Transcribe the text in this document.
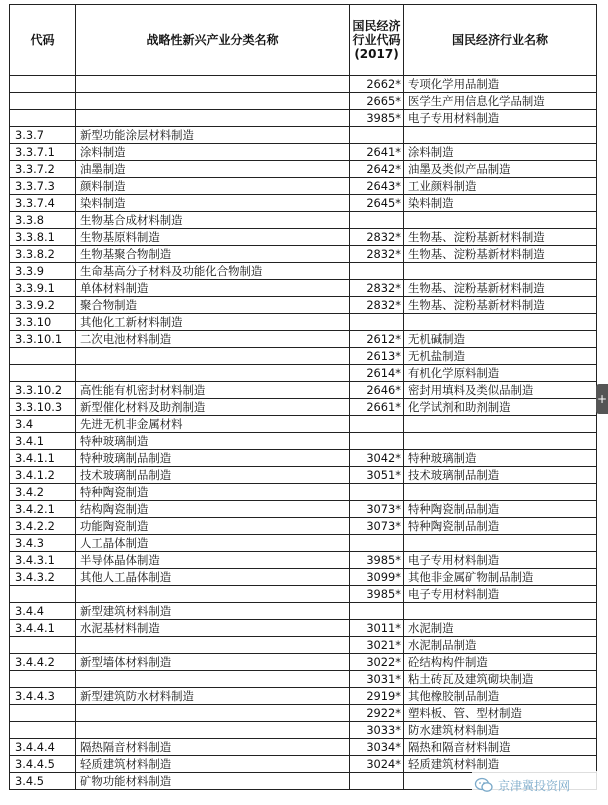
代码	战略性新兴产业分类名称	国民经济行业代码(2017)	国民经济行业名称
		2662*	专项化学用品制造
		2665*	医学生产用信息化学品制造
		3985*	电子专用材料制造
3.3.7	新型功能涂层材料制造		
3.3.7.1	涂料制造	2641*	涂料制造
3.3.7.2	油墨制造	2642*	油墨及类似产品制造
3.3.7.3	颜料制造	2643*	工业颜料制造
3.3.7.4	染料制造	2645*	染料制造
3.3.8	生物基合成材料制造		
3.3.8.1	生物基原料制造	2832*	生物基、淀粉基新材料制造
3.3.8.2	生物基聚合物制造	2832*	生物基、淀粉基新材料制造
3.3.9	生命基高分子材料及功能化合物制造		
3.3.9.1	单体材料制造	2832*	生物基、淀粉基新材料制造
3.3.9.2	聚合物制造	2832*	生物基、淀粉基新材料制造
3.3.10	其他化工新材料制造		
3.3.10.1	二次电池材料制造	2612*	无机碱制造
		2613*	无机盐制造
		2614*	有机化学原料制造
3.3.10.2	高性能有机密封材料制造	2646*	密封用填料及类似品制造
3.3.10.3	新型催化材料及助剂制造	2661*	化学试剂和助剂制造
3.4	先进无机非金属材料		
3.4.1	特种玻璃制造		
3.4.1.1	特种玻璃制品制造	3042*	特种玻璃制造
3.4.1.2	技术玻璃制品制造	3051*	技术玻璃制品制造
3.4.2	特种陶瓷制造		
3.4.2.1	结构陶瓷制造	3073*	特种陶瓷制品制造
3.4.2.2	功能陶瓷制造	3073*	特种陶瓷制品制造
3.4.3	人工晶体制造		
3.4.3.1	半导体晶体制造	3985*	电子专用材料制造
3.4.3.2	其他人工晶体制造	3099*	其他非金属矿物制品制造
		3985*	电子专用材料制造
3.4.4	新型建筑材料制造		
3.4.4.1	水泥基材料制造	3011*	水泥制造
		3021*	水泥制品制造
3.4.4.2	新型墙体材料制造	3022*	砼结构构件制造
		3031*	粘土砖瓦及建筑砌块制造
3.4.4.3	新型建筑防水材料制造	2919*	其他橡胶制品制造
		2922*	塑料板、管、型材制造
		3033*	防水建筑材料制造
3.4.4.4	隔热隔音材料制造	3034*	隔热和隔音材料制造
3.4.4.5	轻质建筑材料制造	3024*	轻质建筑材料制造
3.4.5	矿物功能材料制造		
+
京津冀投资网
